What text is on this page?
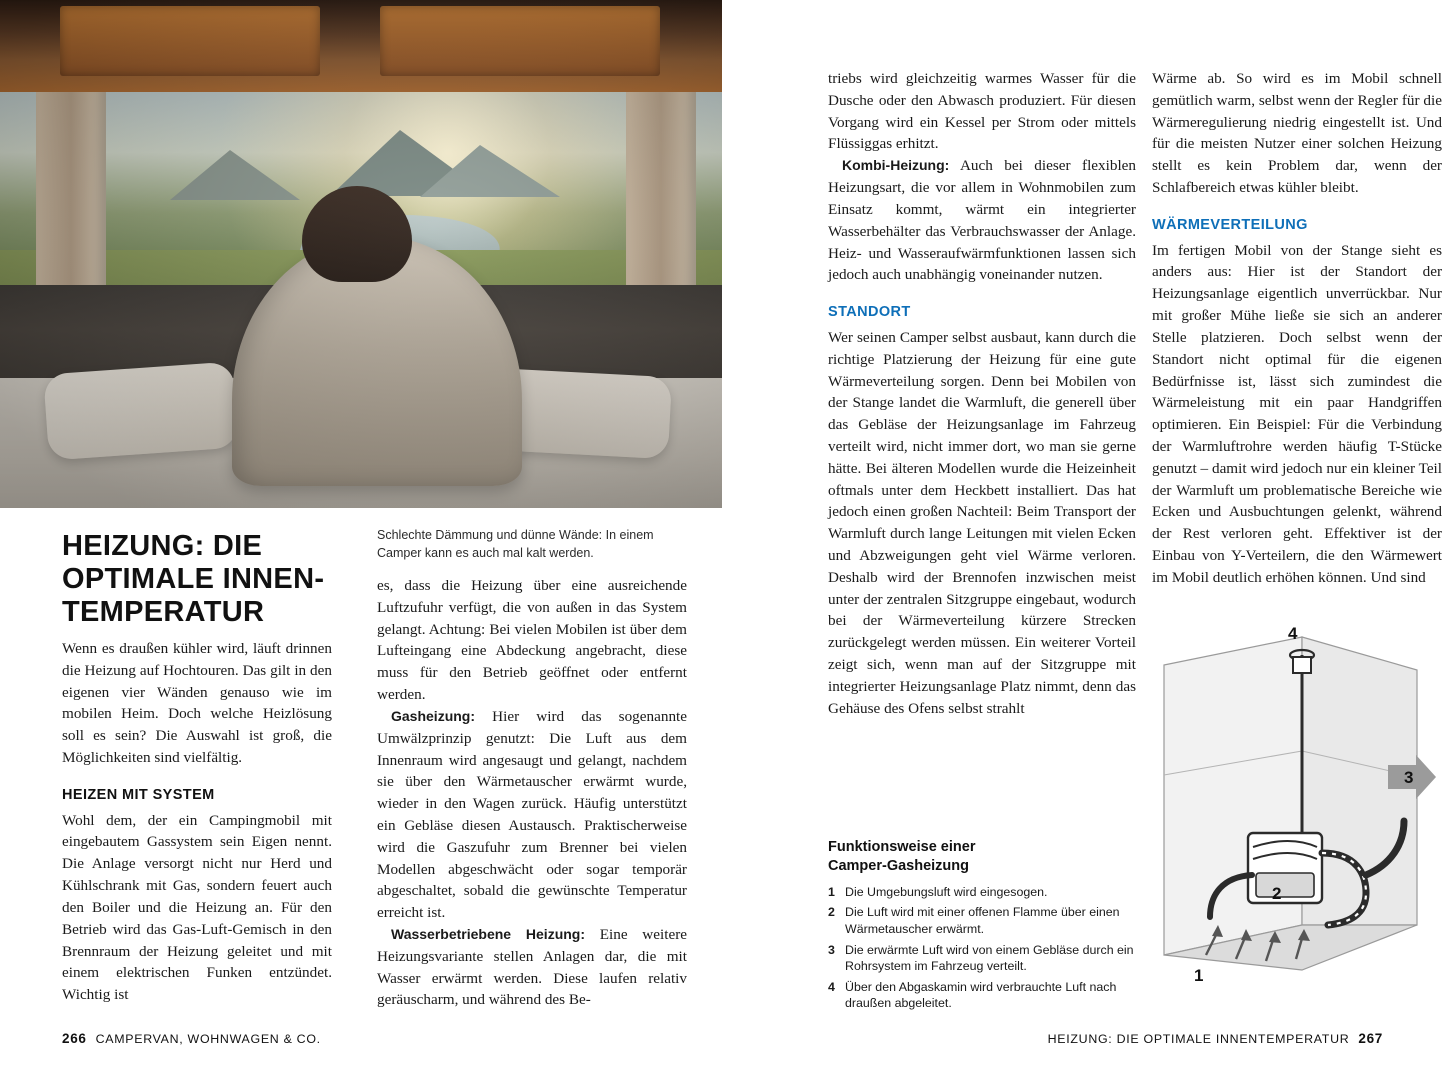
HEIZUNG: DIE OPTIMALE INNEN- TEMPERATUR
Schlechte Dämmung und dünne Wände: In einem Camper kann es auch mal kalt werden.

Wenn es draußen kühler wird, läuft drinnen die Heizung auf Hochtouren. Das gilt in den eigenen vier Wänden genauso wie im mobilen Heim. Doch welche Heizlösung soll es sein? Die Auswahl ist groß, die Möglichkeiten sind vielfältig.

HEIZEN MIT SYSTEM

Wohl dem, der ein Campingmobil mit eingebautem Gassystem sein Eigen nennt. Die Anlage versorgt nicht nur Herd und Kühlschrank mit Gas, sondern feuert auch den Boiler und die Heizung an. Für den Betrieb wird das Gas-Luft-Gemisch in den Brennraum der Heizung geleitet und mit einem elektrischen Funken entzündet. Wichtig ist

es, dass die Heizung über eine ausreichende Luftzufuhr verfügt, die von außen in das System gelangt. Achtung: Bei vielen Mobilen ist über dem Lufteingang eine Abdeckung angebracht, diese muss für den Betrieb geöffnet oder entfernt werden.

Gasheizung: Hier wird das sogenannte Umwälzprinzip genutzt: Die Luft aus dem Innenraum wird angesaugt und gelangt, nachdem sie über den Wärmetauscher erwärmt wurde, wieder in den Wagen zurück. Häufig unterstützt ein Gebläse diesen Austausch. Praktischerweise wird die Gaszufuhr zum Brenner bei vielen Modellen abgeschwächt oder sogar temporär abgeschaltet, sobald die gewünschte Temperatur erreicht ist.

Wasserbetriebene Heizung: Eine weitere Heizungsvariante stellen Anlagen dar, die mit Wasser erwärmt werden. Diese laufen relativ geräuscharm, und während des Be-

266 CAMPERVAN, WOHNWAGEN & CO.

triebs wird gleichzeitig warmes Wasser für die Dusche oder den Abwasch produziert. Für diesen Vorgang wird ein Kessel per Strom oder mittels Flüssiggas erhitzt.

Kombi-Heizung: Auch bei dieser flexiblen Heizungsart, die vor allem in Wohnmobilen zum Einsatz kommt, wärmt ein integrierter Wasserbehälter das Verbrauchswasser der Anlage. Heiz- und Wasseraufwärmfunktionen lassen sich jedoch auch unabhängig voneinander nutzen.

STANDORT

Wer seinen Camper selbst ausbaut, kann durch die richtige Platzierung der Heizung für eine gute Wärmeverteilung sorgen. Denn bei Mobilen von der Stange landet die Warmluft, die generell über das Gebläse der Heizungsanlage im Fahrzeug verteilt wird, nicht immer dort, wo man sie gerne hätte. Bei älteren Modellen wurde die Heizeinheit oftmals unter dem Heckbett installiert. Das hat jedoch einen großen Nachteil: Beim Transport der Warmluft durch lange Leitungen mit vielen Ecken und Abzweigungen geht viel Wärme verloren. Deshalb wird der Brennofen inzwischen meist unter der zentralen Sitzgruppe eingebaut, wodurch bei der Wärmeverteilung kürzere Strecken zurückgelegt werden müssen. Ein weiterer Vorteil zeigt sich, wenn man auf der Sitzgruppe mit integrierter Heizungsanlage Platz nimmt, denn das Gehäuse des Ofens selbst strahlt

Wärme ab. So wird es im Mobil schnell gemütlich warm, selbst wenn der Regler für die Wärmeregulierung niedrig eingestellt ist. Und für die meisten Nutzer einer solchen Heizung stellt es kein Problem dar, wenn der Schlafbereich etwas kühler bleibt.

WÄRMEVERTEILUNG

Im fertigen Mobil von der Stange sieht es anders aus: Hier ist der Standort der Heizungsanlage eigentlich unverrückbar. Nur mit großer Mühe ließe sie sich an anderer Stelle platzieren. Doch selbst wenn der Standort nicht optimal für die eigenen Bedürfnisse ist, lässt sich zumindest die Wärmeleistung mit ein paar Handgriffen optimieren. Ein Beispiel: Für die Verbindung der Warmluftrohre werden häufig T-Stücke genutzt – damit wird jedoch nur ein kleiner Teil der Warmluft um problematische Bereiche wie Ecken und Ausbuchtungen gelenkt, während der Rest verloren geht. Effektiver ist der Einbau von Y-Verteilern, die den Wärmewert im Mobil deutlich erhöhen können. Und sind

Funktionsweise einer
Camper-Gasheizung
1 Die Umgebungsluft wird eingesogen.
2 Die Luft wird mit einer offenen Flamme über einen Wärmetauscher erwärmt.
3 Die erwärmte Luft wird von einem Gebläse durch ein Rohrsystem im Fahrzeug verteilt.
4 Über den Abgaskamin wird verbrauchte Luft nach draußen abgeleitet.
4
3
2
1
HEIZUNG: DIE OPTIMALE INNENTEMPERATUR 267
